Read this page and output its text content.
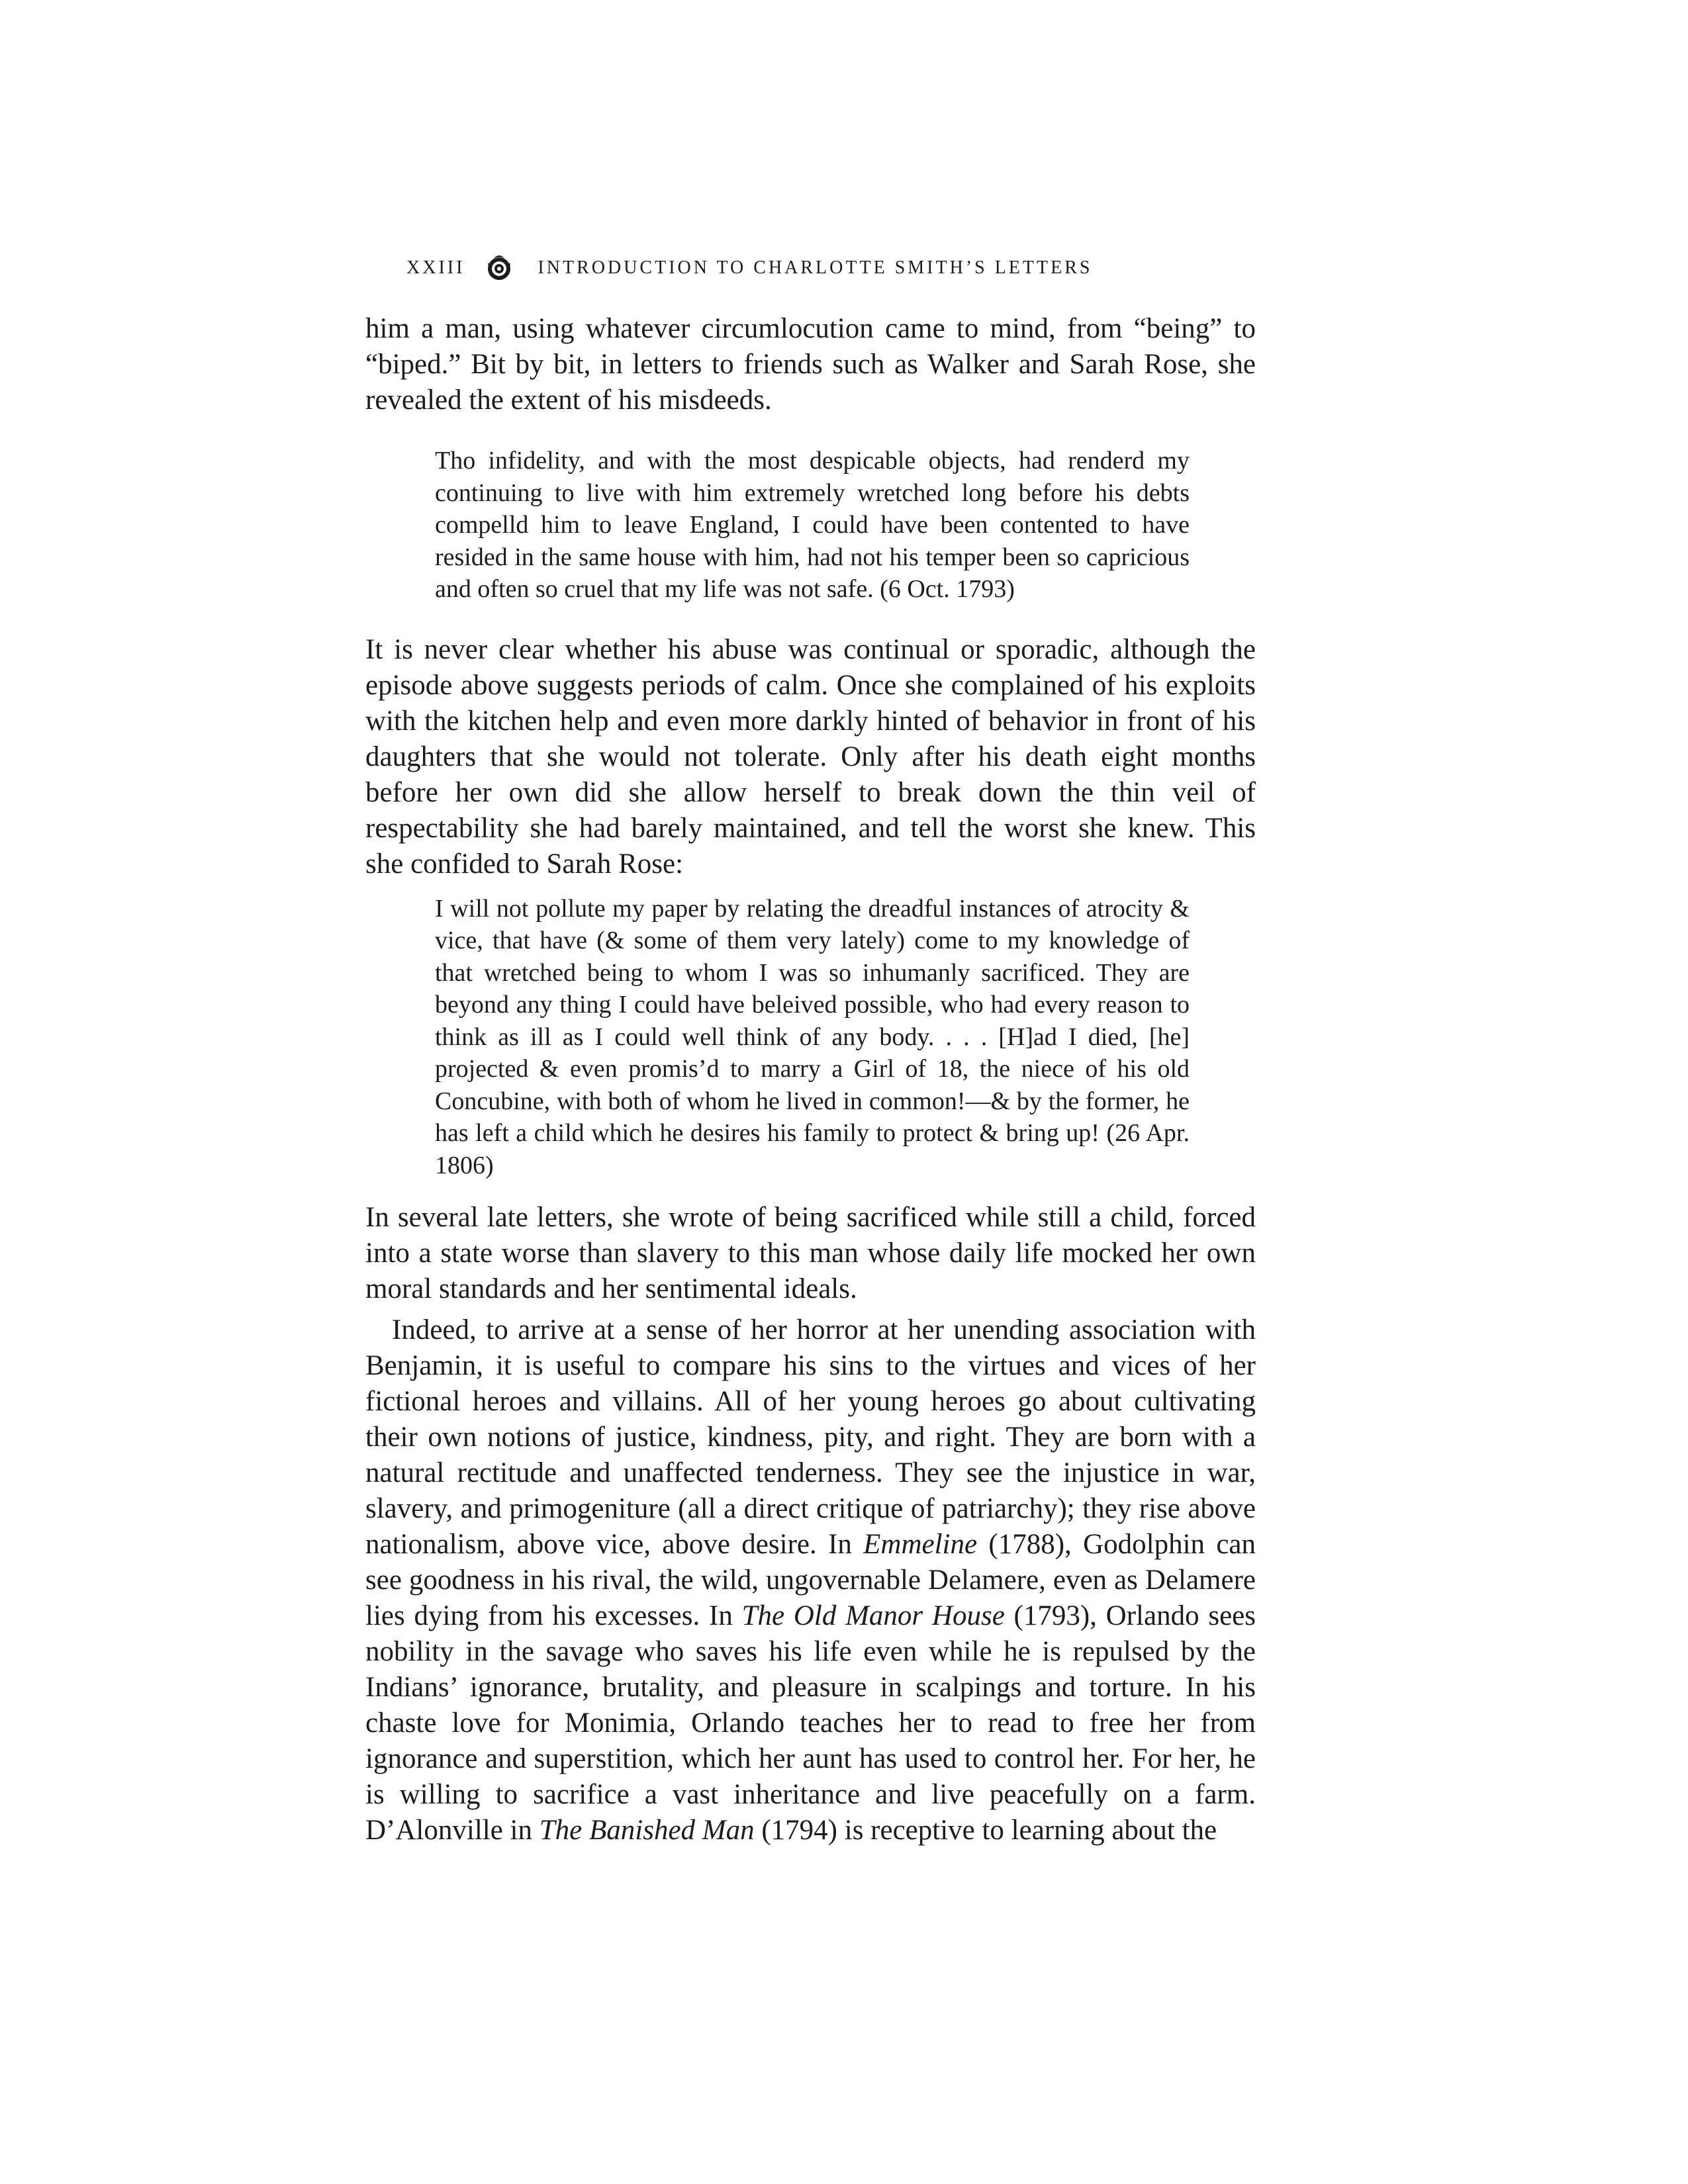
XXIII	INTRODUCTION TO CHARLOTTE SMITH’S LETTERS

him a man, using whatever circumlocution came to mind, from “being” to “biped.” Bit by bit, in letters to friends such as Walker and Sarah Rose, she revealed the extent of his misdeeds.

Tho infidelity, and with the most despicable objects, had renderd my continuing to live with him extremely wretched long before his debts compelld him to leave England, I could have been contented to have resided in the same house with him, had not his temper been so capricious and often so cruel that my life was not safe. (6 Oct. 1793)

It is never clear whether his abuse was continual or sporadic, although the episode above suggests periods of calm. Once she complained of his exploits with the kitchen help and even more darkly hinted of behavior in front of his daughters that she would not tolerate. Only after his death eight months before her own did she allow herself to break down the thin veil of respectability she had barely maintained, and tell the worst she knew. This she confided to Sarah Rose:

I will not pollute my paper by relating the dreadful instances of atrocity & vice, that have (& some of them very lately) come to my knowledge of that wretched being to whom I was so inhumanly sacrificed. They are beyond any thing I could have beleived possible, who had every reason to think as ill as I could well think of any body. . . . [H]ad I died, [he] projected & even promis’d to marry a Girl of 18, the niece of his old Concubine, with both of whom he lived in common!—& by the former, he has left a child which he desires his family to protect & bring up! (26 Apr. 1806)

In several late letters, she wrote of being sacrificed while still a child, forced into a state worse than slavery to this man whose daily life mocked her own moral standards and her sentimental ideals.

Indeed, to arrive at a sense of her horror at her unending association with Benjamin, it is useful to compare his sins to the virtues and vices of her fictional heroes and villains. All of her young heroes go about cultivating their own notions of justice, kindness, pity, and right. They are born with a natural rectitude and unaffected tenderness. They see the injustice in war, slavery, and primogeniture (all a direct critique of patriarchy); they rise above nationalism, above vice, above desire. In Emmeline (1788), Godolphin can see goodness in his rival, the wild, ungovernable Delamere, even as Delamere lies dying from his excesses. In The Old Manor House (1793), Orlando sees nobility in the savage who saves his life even while he is repulsed by the Indians’ ignorance, brutality, and pleasure in scalpings and torture. In his chaste love for Monimia, Orlando teaches her to read to free her from ignorance and superstition, which her aunt has used to control her. For her, he is willing to sacrifice a vast inheritance and live peacefully on a farm. D’Alonville in The Banished Man (1794) is receptive to learning about the
